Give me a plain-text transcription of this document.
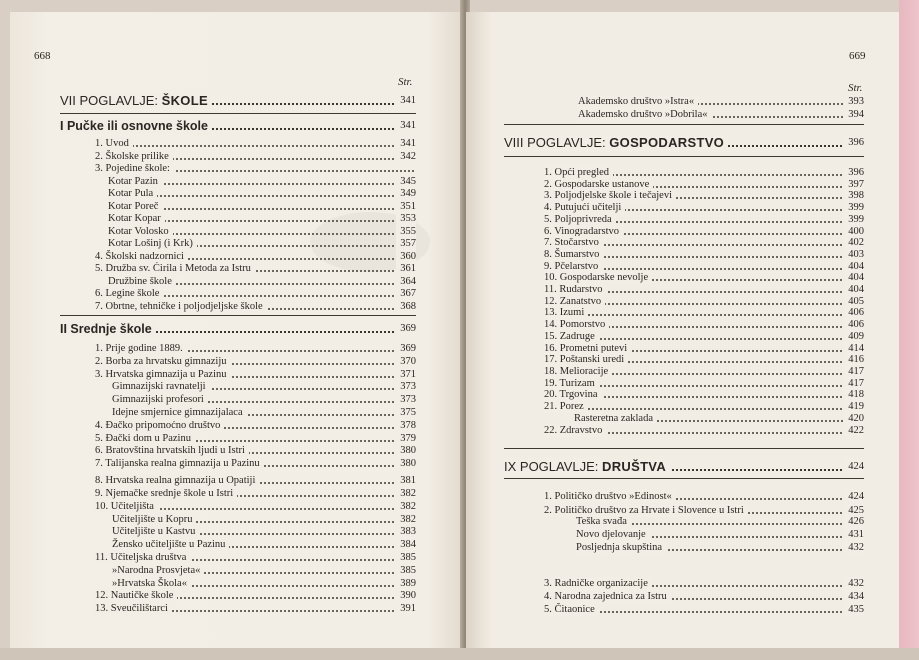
668
Str.
VII POGLAVLJE: ŠKOLE	341
I Pučke ili osnovne škole	341
1. Uvod	341
2. Školske prilike	342
3. Pojedine škole:
Kotar Pazin	345
Kotar Pula	349
Kotar Poreč	351
Kotar Kopar	353
Kotar Volosko	355
Kotar Lošinj (i Krk)	357
4. Školski nadzornici	360
5. Družba sv. Ćirila i Metoda za Istru	361
Družbine škole	364
6. Legine škole	367
7. Obrtne, tehničke i poljodjeljske škole	368
II Srednje škole	369
1. Prije godine 1889.	369
2. Borba za hrvatsku gimnaziju	370
3. Hrvatska gimnazija u Pazinu	371
Gimnazijski ravnatelji	373
Gimnazijski profesori	373
Idejne smjernice gimnazijalaca	375
4. Đačko pripomoćno društvo	378
5. Đački dom u Pazinu	379
6. Bratovština hrvatskih ljudi u Istri	380
7. Talijanska realna gimnazija u Pazinu	380
8. Hrvatska realna gimnazija u Opatiji	381
9. Njemačke srednje škole u Istri	382
10. Učiteljišta	382
Učiteljište u Kopru	382
Učiteljište u Kastvu	383
Žensko učiteljište u Pazinu	384
11. Učiteljska društva	385
»Narodna Prosvjeta«	385
»Hrvatska Škola«	389
12. Nautičke škole	390
13. Sveučilištarci	391
669
Str.
Akademsko društvo »Istra«	393
Akademsko društvo »Dobrila«	394
VIII POGLAVLJE: GOSPODARSTVO	396
1. Opći pregled	396
2. Gospodarske ustanove	397
3. Poljodjelske škole i tečajevi	398
4. Putujući učitelji	399
5. Poljoprivreda	399
6. Vinogradarstvo	400
7. Stočarstvo	402
8. Šumarstvo	403
9. Pčelarstvo	404
10. Gospodarske nevolje	404
11. Rudarstvo	404
12. Zanatstvo	405
13. Izumi	406
14. Pomorstvo	406
15. Zadruge	409
16. Prometni putevi	414
17. Poštanski uredi	416
18. Melioracije	417
19. Turizam	417
20. Trgovina	418
21. Porez	419
Rasteretna zaklada	420
22. Zdravstvo	422
IX POGLAVLJE: DRUŠTVA	424
1. Političko društvo »Edinost«	424
2. Političko društvo za Hrvate i Slovence u Istri	425
Teška svađa	426
Novo djelovanje	431
Posljednja skupština	432
3. Radničke organizacije	432
4. Narodna zajednica za Istru	434
5. Čitaonice	435
